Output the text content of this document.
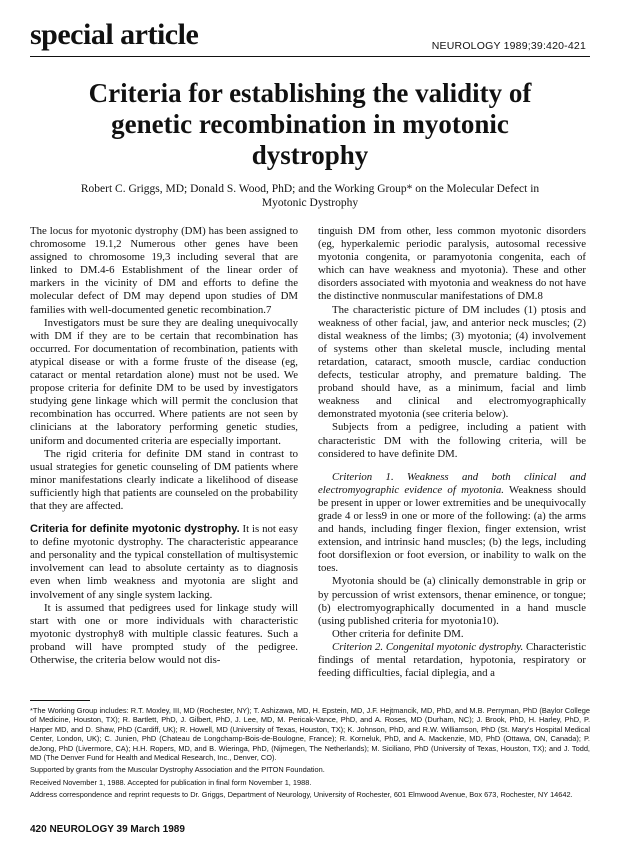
special article	NEUROLOGY 1989;39:420-421
Criteria for establishing the validity of genetic recombination in myotonic dystrophy
Robert C. Griggs, MD; Donald S. Wood, PhD; and the Working Group* on the Molecular Defect in Myotonic Dystrophy

The locus for myotonic dystrophy (DM) has been assigned to chromosome 19.1,2 Numerous other genes have been assigned to chromosome 19,3 including several that are linked to DM.4-6 Establishment of the linear order of markers in the vicinity of DM and efforts to define the molecular defect of DM may depend upon studies of DM families with well-documented genetic recombination.7

Investigators must be sure they are dealing unequivocally with DM if they are to be certain that recombination has occurred. For documentation of recombination, patients with atypical disease or with a forme fruste of the disease (eg, cataract or mental retardation alone) must not be used. We propose criteria for definite DM to be used by investigators studying gene linkage which will permit the conclusion that recombination has occurred. Where patients are not seen by clinicians at the laboratory performing genetic studies, uniform and documented criteria are especially important.

The rigid criteria for definite DM stand in contrast to usual strategies for genetic counseling of DM patients where minor manifestations clearly indicate a likelihood of disease sufficiently high that patients are counseled on the probability that they are affected.

Criteria for definite myotonic dystrophy. It is not easy to define myotonic dystrophy. The characteristic appearance and personality and the typical constellation of multisystemic involvement can lead to absolute certainty as to diagnosis even when limb weakness and myotonia are slight and involvement of any single system lacking.

It is assumed that pedigrees used for linkage study will start with one or more individuals with characteristic myotonic dystrophy8 with multiple classic features. Such a proband will have prompted study of the pedigree. Otherwise, the criteria below would not dis-

tinguish DM from other, less common myotonic disorders (eg, hyperkalemic periodic paralysis, autosomal recessive myotonia congenita, or paramyotonia congenita, each of which can have weakness and myotonia). These and other disorders associated with myotonia and weakness do not have the distinctive nonmuscular manifestations of DM.8

The characteristic picture of DM includes (1) ptosis and weakness of other facial, jaw, and anterior neck muscles; (2) distal weakness of the limbs; (3) myotonia; (4) involvement of systems other than skeletal muscle, including mental retardation, cataract, smooth muscle, cardiac conduction defects, testicular atrophy, and premature balding. The proband should have, as a minimum, facial and limb weakness and clinical and electromyographically demonstrated myotonia (see criteria below).

Subjects from a pedigree, including a patient with characteristic DM with the following criteria, will be considered to have definite DM.

Criterion 1. Weakness and both clinical and electromyographic evidence of myotonia. Weakness should be present in upper or lower extremities and be unequivocally grade 4 or less9 in one or more of the following: (a) the arms and hands, including finger flexion, finger extension, wrist extension, and intrinsic hand muscles; (b) the legs, including foot dorsiflexion or foot eversion, or inability to walk on the toes.

Myotonia should be (a) clinically demonstrable in grip or by percussion of wrist extensors, thenar eminence, or tongue; (b) electromyographically documented in a hand muscle (using published criteria for myotonia10).

Other criteria for definite DM.

Criterion 2. Congenital myotonic dystrophy. Characteristic findings of mental retardation, hypotonia, respiratory or feeding difficulties, facial diplegia, and a

*The Working Group includes: R.T. Moxley, III, MD (Rochester, NY); T. Ashizawa, MD, H. Epstein, MD, J.F. Hejtmancik, MD, PhD, and M.B. Perryman, PhD (Baylor College of Medicine, Houston, TX); R. Bartlett, PhD, J. Gilbert, PhD, J. Lee, MD, M. Pericak-Vance, PhD, and A. Roses, MD (Durham, NC); J. Brook, PhD, H. Harley, PhD, P. Harper MD, and D. Shaw, PhD (Cardiff, UK); R. Howell, MD (University of Texas, Houston, TX); K. Johnson, PhD, and R.W. Williamson, PhD (St. Mary's Hospital Medical Center, London, UK); C. Junien, PhD (Chateau de Longchamp-Bois-de-Boulogne, France); R. Korneluk, PhD, and A. Mackenzie, MD, PhD (Ottawa, ON, Canada); P. deJong, PhD (Livermore, CA); H.H. Ropers, MD, and B. Wieringa, PhD, (Nijmegen, The Netherlands); M. Siciliano, PhD (University of Texas, Houston, TX); and J. Todd, MD (The Denver Fund for Health and Medical Research, Inc., Denver, CO).

Supported by grants from the Muscular Dystrophy Association and the PITON Foundation.

Received November 1, 1988. Accepted for publication in final form November 1, 1988.

Address correspondence and reprint requests to Dr. Griggs, Department of Neurology, University of Rochester, 601 Elmwood Avenue, Box 673, Rochester, NY 14642.

420 NEUROLOGY 39 March 1989
